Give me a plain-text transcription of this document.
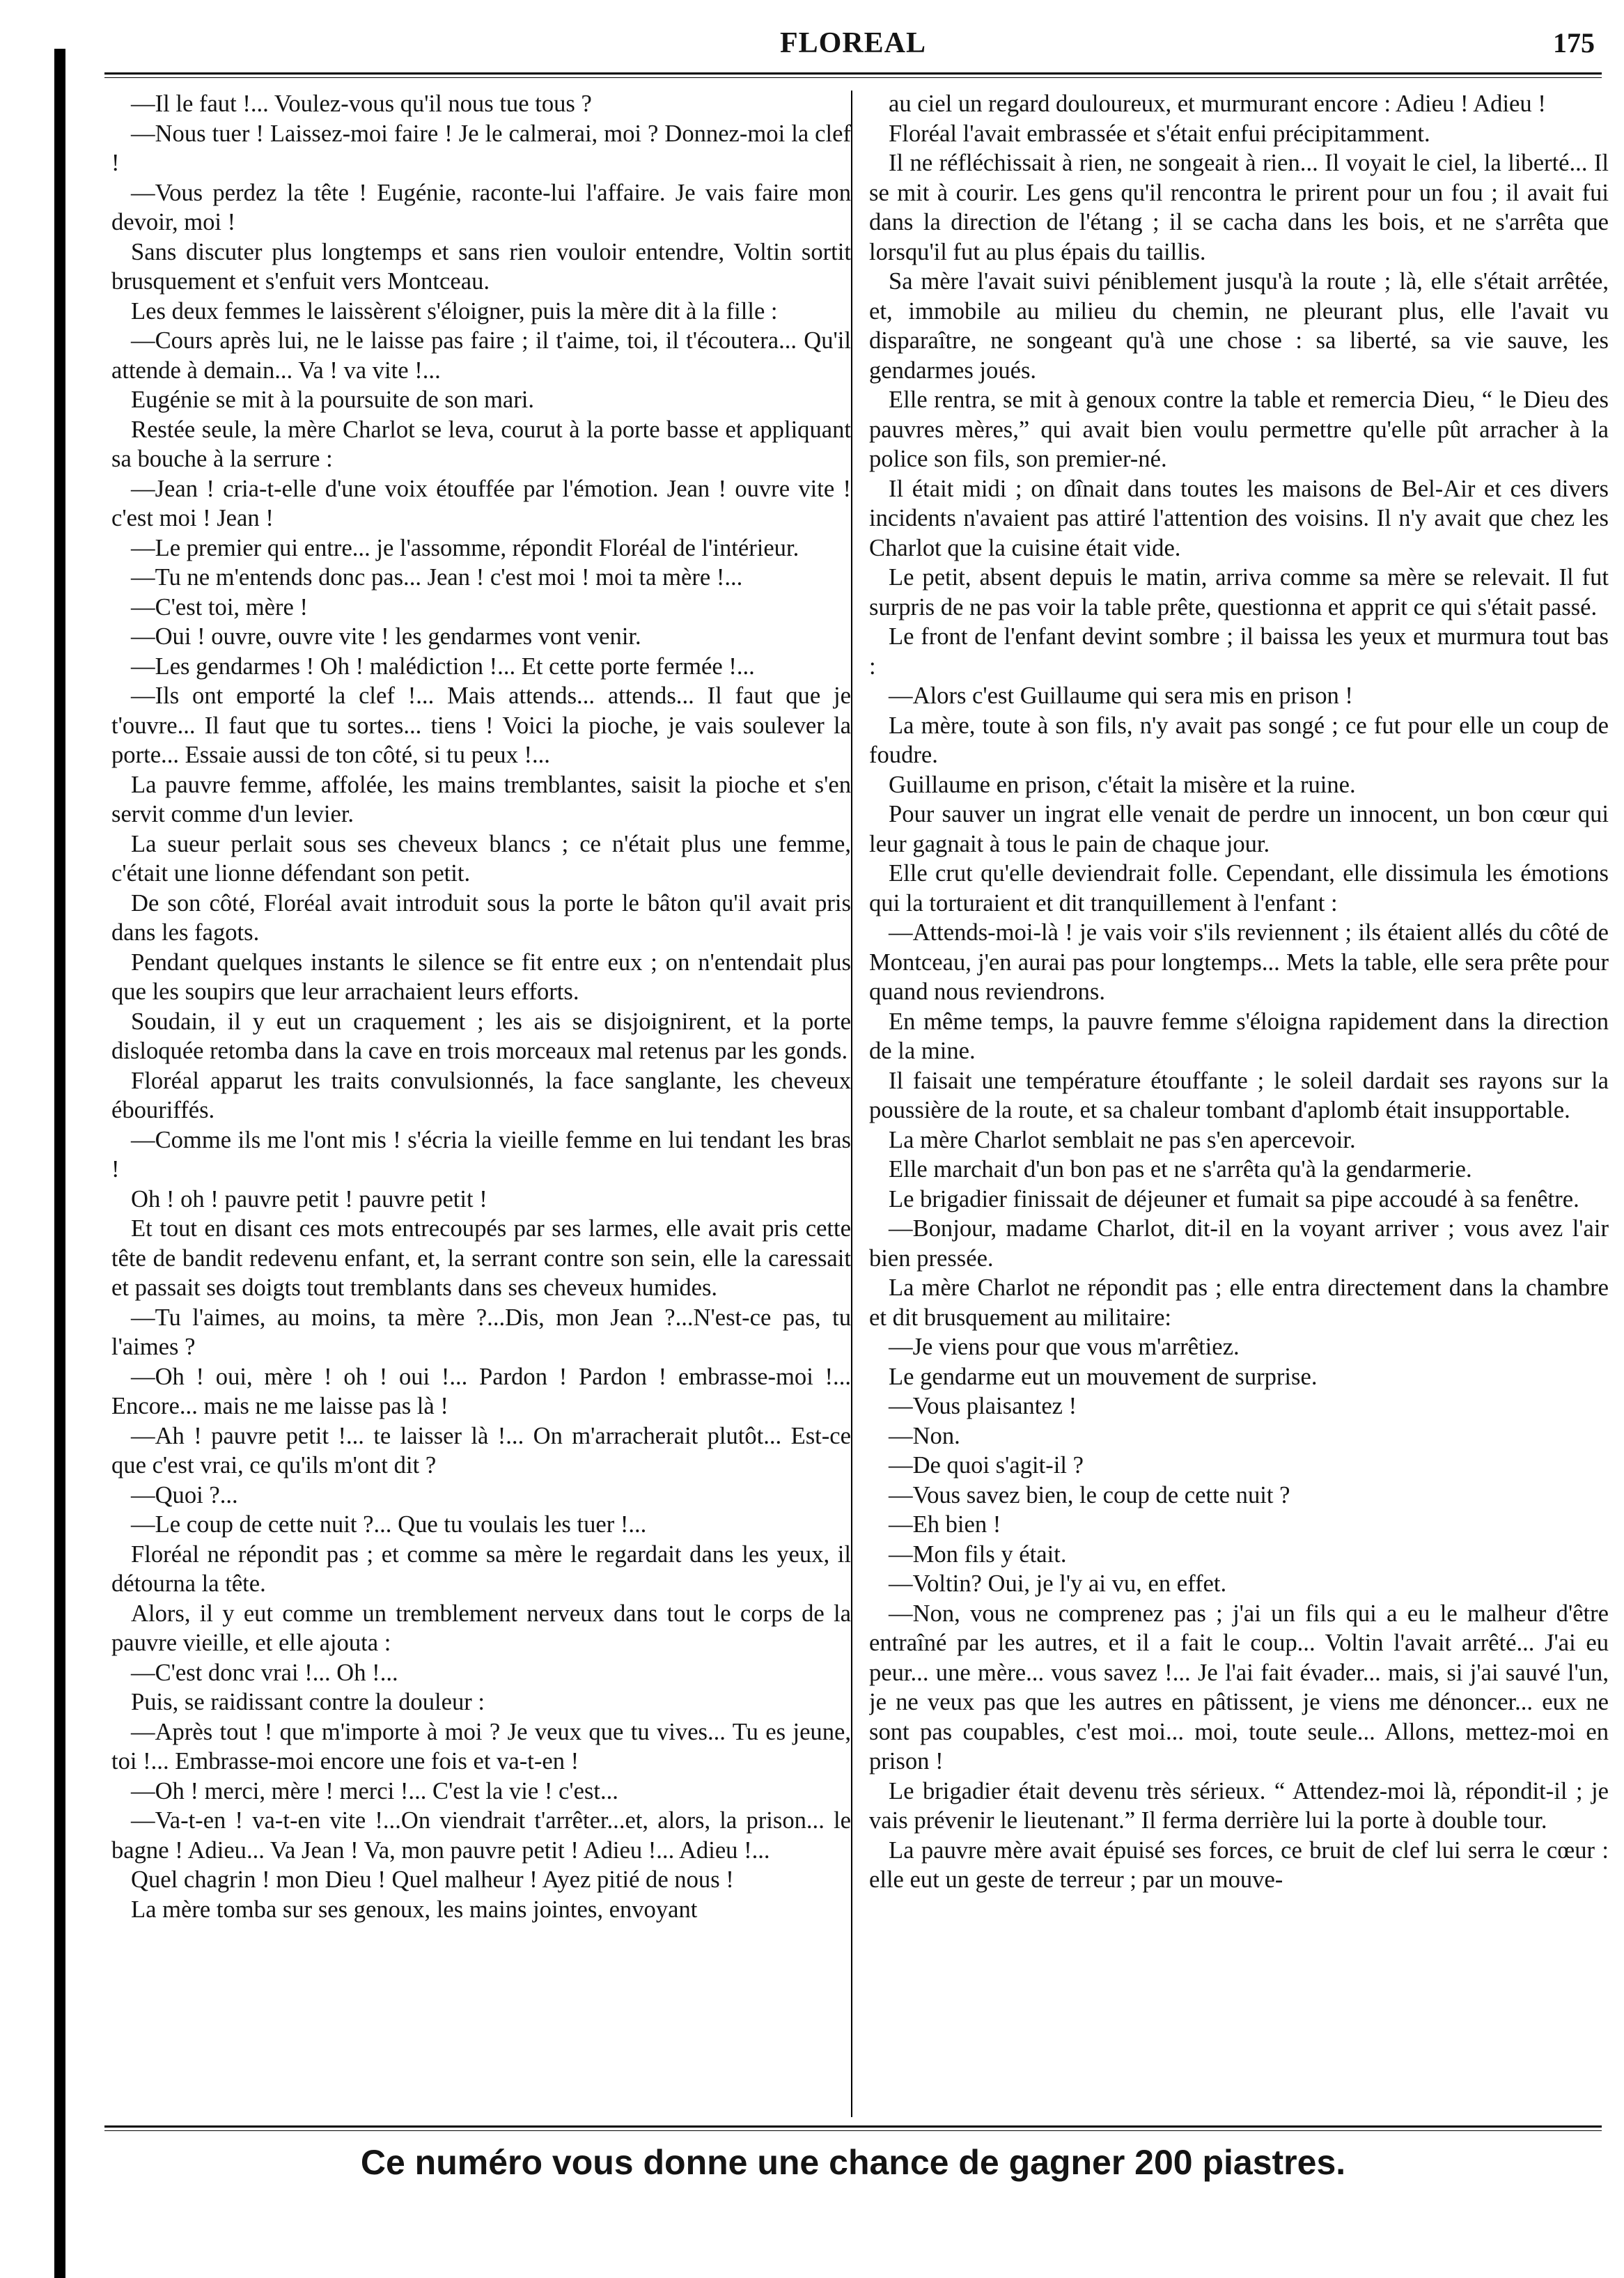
FLOREAL	175

—Il le faut !... Voulez-vous qu'il nous tue tous ?

—Nous tuer ! Laissez-moi faire ! Je le calmerai, moi ? Donnez-moi la clef !

—Vous perdez la tête ! Eugénie, raconte-lui l'affaire. Je vais faire mon devoir, moi !

Sans discuter plus longtemps et sans rien vouloir entendre, Voltin sortit brusquement et s'enfuit vers Montceau.

Les deux femmes le laissèrent s'éloigner, puis la mère dit à la fille :

—Cours après lui, ne le laisse pas faire ; il t'aime, toi, il t'écoutera... Qu'il attende à demain... Va ! va vite !...

Eugénie se mit à la poursuite de son mari.

Restée seule, la mère Charlot se leva, courut à la porte basse et appliquant sa bouche à la serrure :

—Jean ! cria-t-elle d'une voix étouffée par l'émotion. Jean ! ouvre vite ! c'est moi ! Jean !

—Le premier qui entre... je l'assomme, répondit Floréal de l'intérieur.

—Tu ne m'entends donc pas... Jean ! c'est moi ! moi ta mère !...

—C'est toi, mère !

—Oui ! ouvre, ouvre vite ! les gendarmes vont venir.

—Les gendarmes ! Oh ! malédiction !... Et cette porte fermée !...

—Ils ont emporté la clef !... Mais attends... attends... Il faut que je t'ouvre... Il faut que tu sortes... tiens ! Voici la pioche, je vais soulever la porte... Essaie aussi de ton côté, si tu peux !...

La pauvre femme, affolée, les mains tremblantes, saisit la pioche et s'en servit comme d'un levier.

La sueur perlait sous ses cheveux blancs ; ce n'était plus une femme, c'était une lionne défendant son petit.

De son côté, Floréal avait introduit sous la porte le bâton qu'il avait pris dans les fagots.

Pendant quelques instants le silence se fit entre eux ; on n'entendait plus que les soupirs que leur arrachaient leurs efforts.

Soudain, il y eut un craquement ; les ais se disjoignirent, et la porte disloquée retomba dans la cave en trois morceaux mal retenus par les gonds.

Floréal apparut les traits convulsionnés, la face sanglante, les cheveux ébouriffés.

—Comme ils me l'ont mis ! s'écria la vieille femme en lui tendant les bras !

Oh ! oh ! pauvre petit ! pauvre petit !

Et tout en disant ces mots entrecoupés par ses larmes, elle avait pris cette tête de bandit redevenu enfant, et, la serrant contre son sein, elle la caressait et passait ses doigts tout tremblants dans ses cheveux humides.

—Tu l'aimes, au moins, ta mère ?...Dis, mon Jean ?...N'est-ce pas, tu l'aimes ?

—Oh ! oui, mère ! oh ! oui !... Pardon ! Pardon ! embrasse-moi !... Encore... mais ne me laisse pas là !

—Ah ! pauvre petit !... te laisser là !... On m'arracherait plutôt... Est-ce que c'est vrai, ce qu'ils m'ont dit ?

—Quoi ?...

—Le coup de cette nuit ?... Que tu voulais les tuer !...

Floréal ne répondit pas ; et comme sa mère le regardait dans les yeux, il détourna la tête.

Alors, il y eut comme un tremblement nerveux dans tout le corps de la pauvre vieille, et elle ajouta :

—C'est donc vrai !... Oh !...

Puis, se raidissant contre la douleur :

—Après tout ! que m'importe à moi ? Je veux que tu vives... Tu es jeune, toi !... Embrasse-moi encore une fois et va-t-en !

—Oh ! merci, mère ! merci !... C'est la vie ! c'est...

—Va-t-en ! va-t-en vite !...On viendrait t'arrêter...et, alors, la prison... le bagne ! Adieu... Va Jean ! Va, mon pauvre petit ! Adieu !... Adieu !...

Quel chagrin ! mon Dieu ! Quel malheur ! Ayez pitié de nous !

La mère tomba sur ses genoux, les mains jointes, envoyant

au ciel un regard douloureux, et murmurant encore : Adieu ! Adieu !

Floréal l'avait embrassée et s'était enfui précipitamment.

Il ne réfléchissait à rien, ne songeait à rien... Il voyait le ciel, la liberté... Il se mit à courir. Les gens qu'il rencontra le prirent pour un fou ; il avait fui dans la direction de l'étang ; il se cacha dans les bois, et ne s'arrêta que lorsqu'il fut au plus épais du taillis.

Sa mère l'avait suivi péniblement jusqu'à la route ; là, elle s'était arrêtée, et, immobile au milieu du chemin, ne pleurant plus, elle l'avait vu disparaître, ne songeant qu'à une chose : sa liberté, sa vie sauve, les gendarmes joués.

Elle rentra, se mit à genoux contre la table et remercia Dieu, “ le Dieu des pauvres mères,” qui avait bien voulu permettre qu'elle pût arracher à la police son fils, son premier-né.

Il était midi ; on dînait dans toutes les maisons de Bel-Air et ces divers incidents n'avaient pas attiré l'attention des voisins. Il n'y avait que chez les Charlot que la cuisine était vide.

Le petit, absent depuis le matin, arriva comme sa mère se relevait. Il fut surpris de ne pas voir la table prête, questionna et apprit ce qui s'était passé.

Le front de l'enfant devint sombre ; il baissa les yeux et murmura tout bas :

—Alors c'est Guillaume qui sera mis en prison !

La mère, toute à son fils, n'y avait pas songé ; ce fut pour elle un coup de foudre.

Guillaume en prison, c'était la misère et la ruine.

Pour sauver un ingrat elle venait de perdre un innocent, un bon cœur qui leur gagnait à tous le pain de chaque jour.

Elle crut qu'elle deviendrait folle. Cependant, elle dissimula les émotions qui la torturaient et dit tranquillement à l'enfant :

—Attends-moi-là ! je vais voir s'ils reviennent ; ils étaient allés du côté de Montceau, j'en aurai pas pour longtemps... Mets la table, elle sera prête pour quand nous reviendrons.

En même temps, la pauvre femme s'éloigna rapidement dans la direction de la mine.

Il faisait une température étouffante ; le soleil dardait ses rayons sur la poussière de la route, et sa chaleur tombant d'aplomb était insupportable.

La mère Charlot semblait ne pas s'en apercevoir.

Elle marchait d'un bon pas et ne s'arrêta qu'à la gendarmerie.

Le brigadier finissait de déjeuner et fumait sa pipe accoudé à sa fenêtre.

—Bonjour, madame Charlot, dit-il en la voyant arriver ; vous avez l'air bien pressée.

La mère Charlot ne répondit pas ; elle entra directement dans la chambre et dit brusquement au militaire:

—Je viens pour que vous m'arrêtiez.

Le gendarme eut un mouvement de surprise.

—Vous plaisantez !

—Non.

—De quoi s'agit-il ?

—Vous savez bien, le coup de cette nuit ?

—Eh bien !

—Mon fils y était.

—Voltin? Oui, je l'y ai vu, en effet.

—Non, vous ne comprenez pas ; j'ai un fils qui a eu le malheur d'être entraîné par les autres, et il a fait le coup... Voltin l'avait arrêté... J'ai eu peur... une mère... vous savez !... Je l'ai fait évader... mais, si j'ai sauvé l'un, je ne veux pas que les autres en pâtissent, je viens me dénoncer... eux ne sont pas coupables, c'est moi... moi, toute seule... Allons, mettez-moi en prison !

Le brigadier était devenu très sérieux. “ Attendez-moi là, répondit-il ; je vais prévenir le lieutenant.” Il ferma derrière lui la porte à double tour.

La pauvre mère avait épuisé ses forces, ce bruit de clef lui serra le cœur : elle eut un geste de terreur ; par un mouve-

Ce numéro vous donne une chance de gagner 200 piastres.
